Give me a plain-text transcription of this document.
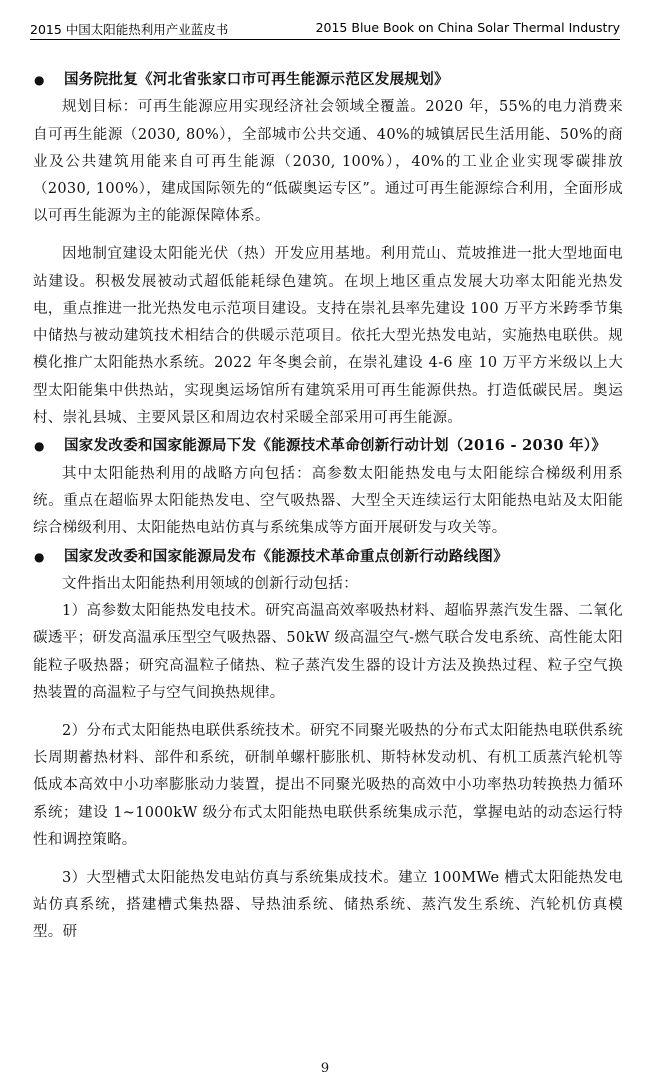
2015 中国太阳能热利用产业蓝皮书	2015 Blue Book on China Solar Thermal Industry
●	国务院批复《河北省张家口市可再生能源示范区发展规划》

规划目标：可再生能源应用实现经济社会领域全覆盖。2020 年，55%的电力消费来自可再生能源（2030, 80%），全部城市公共交通、40%的城镇居民生活用能、50%的商业及公共建筑用能来自可再生能源（2030, 100%），40%的工业企业实现零碳排放（2030, 100%），建成国际领先的“低碳奥运专区”。通过可再生能源综合利用，全面形成以可再生能源为主的能源保障体系。

因地制宜建设太阳能光伏（热）开发应用基地。利用荒山、荒坡推进一批大型地面电站建设。积极发展被动式超低能耗绿色建筑。在坝上地区重点发展大功率太阳能光热发电，重点推进一批光热发电示范项目建设。支持在崇礼县率先建设 100 万平方米跨季节集中储热与被动建筑技术相结合的供暖示范项目。依托大型光热发电站，实施热电联供。规模化推广太阳能热水系统。2022 年冬奥会前，在崇礼建设 4-6 座 10 万平方米级以上大型太阳能集中供热站，实现奥运场馆所有建筑采用可再生能源供热。打造低碳民居。奥运村、崇礼县城、主要风景区和周边农村采暖全部采用可再生能源。

●	国家发改委和国家能源局下发《能源技术革命创新行动计划（2016 - 2030 年）》

其中太阳能热利用的战略方向包括：高参数太阳能热发电与太阳能综合梯级利用系统。重点在超临界太阳能热发电、空气吸热器、大型全天连续运行太阳能热电站及太阳能综合梯级利用、太阳能热电站仿真与系统集成等方面开展研发与攻关等。

●	国家发改委和国家能源局发布《能源技术革命重点创新行动路线图》

文件指出太阳能热利用领域的创新行动包括：

1）高参数太阳能热发电技术。研究高温高效率吸热材料、超临界蒸汽发生器、二氧化碳透平；研发高温承压型空气吸热器、50kW 级高温空气-燃气联合发电系统、高性能太阳能粒子吸热器；研究高温粒子储热、粒子蒸汽发生器的设计方法及换热过程、粒子空气换热装置的高温粒子与空气间换热规律。

2）分布式太阳能热电联供系统技术。研究不同聚光吸热的分布式太阳能热电联供系统长周期蓄热材料、部件和系统，研制单螺杆膨胀机、斯特林发动机、有机工质蒸汽轮机等低成本高效中小功率膨胀动力装置，提出不同聚光吸热的高效中小功率热功转换热力循环系统；建设 1~1000kW 级分布式太阳能热电联供系统集成示范，掌握电站的动态运行特性和调控策略。

3）大型槽式太阳能热发电站仿真与系统集成技术。建立 100MWe 槽式太阳能热发电站仿真系统，搭建槽式集热器、导热油系统、储热系统、蒸汽发生系统、汽轮机仿真模型。研

9
